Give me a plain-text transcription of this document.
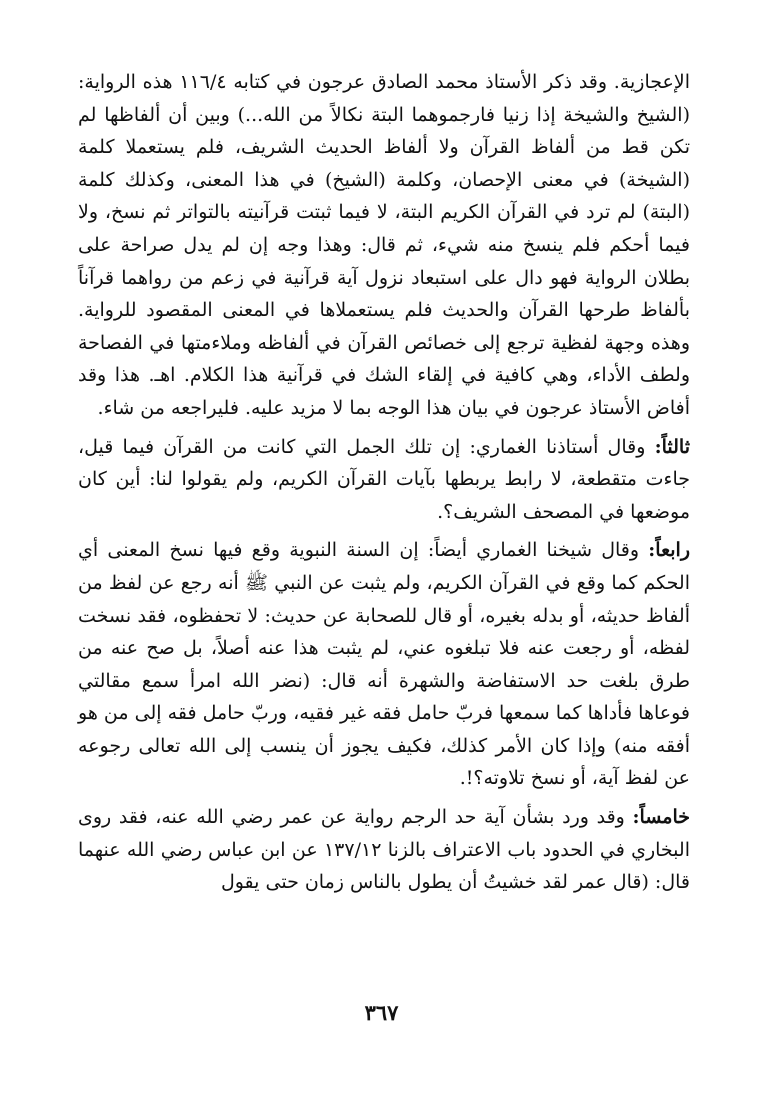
الإعجازية. وقد ذكر الأستاذ محمد الصادق عرجون في كتابه ١١٦/٤ هذه الرواية: (الشيخ والشيخة إذا زنيا فارجموهما البتة نكالاً من الله...) وبين أن ألفاظها لم تكن قط من ألفاظ القرآن ولا ألفاظ الحديث الشريف، فلم يستعملا كلمة (الشيخة) في معنى الإحصان، وكلمة (الشيخ) في هذا المعنى، وكذلك كلمة (البتة) لم ترد في القرآن الكريم البتة، لا فيما ثبتت قرآنيته بالتواتر ثم نسخ، ولا فيما أحكم فلم ينسخ منه شيء، ثم قال: وهذا وجه إن لم يدل صراحة على بطلان الرواية فهو دال على استبعاد نزول آية قرآنية في زعم من رواهما قرآناً بألفاظ طرحها القرآن والحديث فلم يستعملاها في المعنى المقصود للرواية. وهذه وجهة لفظية ترجع إلى خصائص القرآن في ألفاظه وملاءمتها في الفصاحة ولطف الأداء، وهي كافية في إلقاء الشك في قرآنية هذا الكلام. اهـ. هذا وقد أفاض الأستاذ عرجون في بيان هذا الوجه بما لا مزيد عليه. فليراجعه من شاء.

ثالثاً: وقال أستاذنا الغماري: إن تلك الجمل التي كانت من القرآن فيما قيل، جاءت متقطعة، لا رابط يربطها بآيات القرآن الكريم، ولم يقولوا لنا: أين كان موضعها في المصحف الشريف؟.

رابعاً: وقال شيخنا الغماري أيضاً: إن السنة النبوية وقع فيها نسخ المعنى أي الحكم كما وقع في القرآن الكريم، ولم يثبت عن النبي ﷺ أنه رجع عن لفظ من ألفاظ حديثه، أو بدله بغيره، أو قال للصحابة عن حديث: لا تحفظوه، فقد نسخت لفظه، أو رجعت عنه فلا تبلغوه عني، لم يثبت هذا عنه أصلاً، بل صح عنه من طرق بلغت حد الاستفاضة والشهرة أنه قال: (نضر الله امرأ سمع مقالتي فوعاها فأداها كما سمعها فربّ حامل فقه غير فقيه، وربّ حامل فقه إلى من هو أفقه منه) وإذا كان الأمر كذلك، فكيف يجوز أن ينسب إلى الله تعالى رجوعه عن لفظ آية، أو نسخ تلاوته؟!.

خامساً: وقد ورد بشأن آية حد الرجم رواية عن عمر رضي الله عنه، فقد روى البخاري في الحدود باب الاعتراف بالزنا ١٣٧/١٢ عن ابن عباس رضي الله عنهما قال: (قال عمر لقد خشيتُ أن يطول بالناس زمان حتى يقول

٣٦٧
